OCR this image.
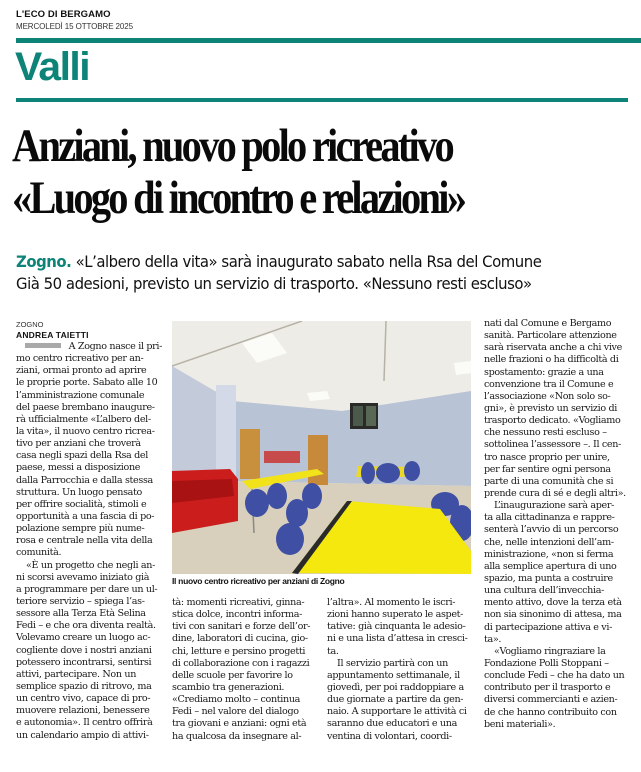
L'ECO DI BERGAMO
MERCOLEDÌ 15 OTTOBRE 2025
Valli
Anziani, nuovo polo ricreativo
«Luogo di incontro e relazioni»
Zogno. «L’albero della vita» sarà inaugurato sabato nella Rsa del Comune
Già 50 adesioni, previsto un servizio di trasporto. «Nessuno resti escluso»
ZOGNO
ANDREA TAIETTI
A Zogno nasce il pri-
mo centro ricreativo per an-
ziani, ormai pronto ad aprire
le proprie porte. Sabato alle 10
l’amministrazione comunale
del paese brembano inaugure-
rà ufficialmente «L’albero del-
la vita», il nuovo centro ricrea-
tivo per anziani che troverà
casa negli spazi della Rsa del
paese, messi a disposizione
dalla Parrocchia e dalla stessa
struttura. Un luogo pensato
per offrire socialità, stimoli e
opportunità a una fascia di po-
polazione sempre più nume-
rosa e centrale nella vita della
comunità.
«È un progetto che negli an-
ni scorsi avevamo iniziato già
a programmare per dare un ul-
teriore servizio – spiega l’as-
sessore alla Terza Età Selina
Fedi – e che ora diventa realtà.
Volevamo creare un luogo ac-
cogliente dove i nostri anziani
potessero incontrarsi, sentirsi
attivi, partecipare. Non un
semplice spazio di ritrovo, ma
un centro vivo, capace di pro-
muovere relazioni, benessere
e autonomia». Il centro offrirà
un calendario ampio di attivi-
Il nuovo centro ricreativo per anziani di Zogno
tà: momenti ricreativi, ginna-
stica dolce, incontri informa-
tivi con sanitari e forze dell’or-
dine, laboratori di cucina, gio-
chi, letture e persino progetti
di collaborazione con i ragazzi
delle scuole per favorire lo
scambio tra generazioni.
«Crediamo molto – continua
Fedi – nel valore del dialogo
tra giovani e anziani: ogni età
ha qualcosa da insegnare al-
l’altra». Al momento le iscri-
zioni hanno superato le aspet-
tative: già cinquanta le adesio-
ni e una lista d’attesa in cresci-
ta.
Il servizio partirà con un
appuntamento settimanale, il
giovedì, per poi raddoppiare a
due giornate a partire da gen-
naio. A supportare le attività ci
saranno due educatori e una
ventina di volontari, coordi-
nati dal Comune e Bergamo
sanità. Particolare attenzione
sarà riservata anche a chi vive
nelle frazioni o ha difficoltà di
spostamento: grazie a una
convenzione tra il Comune e
l’associazione «Non solo so-
gni», è previsto un servizio di
trasporto dedicato. «Vogliamo
che nessuno resti escluso –
sottolinea l’assessore –. Il cen-
tro nasce proprio per unire,
per far sentire ogni persona
parte di una comunità che si
prende cura di sé e degli altri».
L’inaugurazione sarà aper-
ta alla cittadinanza e rappre-
senterà l’avvio di un percorso
che, nelle intenzioni dell’am-
ministrazione, «non si ferma
alla semplice apertura di uno
spazio, ma punta a costruire
una cultura dell’invecchia-
mento attivo, dove la terza età
non sia sinonimo di attesa, ma
di partecipazione attiva e vi-
ta».
«Vogliamo ringraziare la
Fondazione Polli Stoppani –
conclude Fedi – che ha dato un
contributo per il trasporto e
diversi commercianti e azien-
de che hanno contribuito con
beni materiali».
